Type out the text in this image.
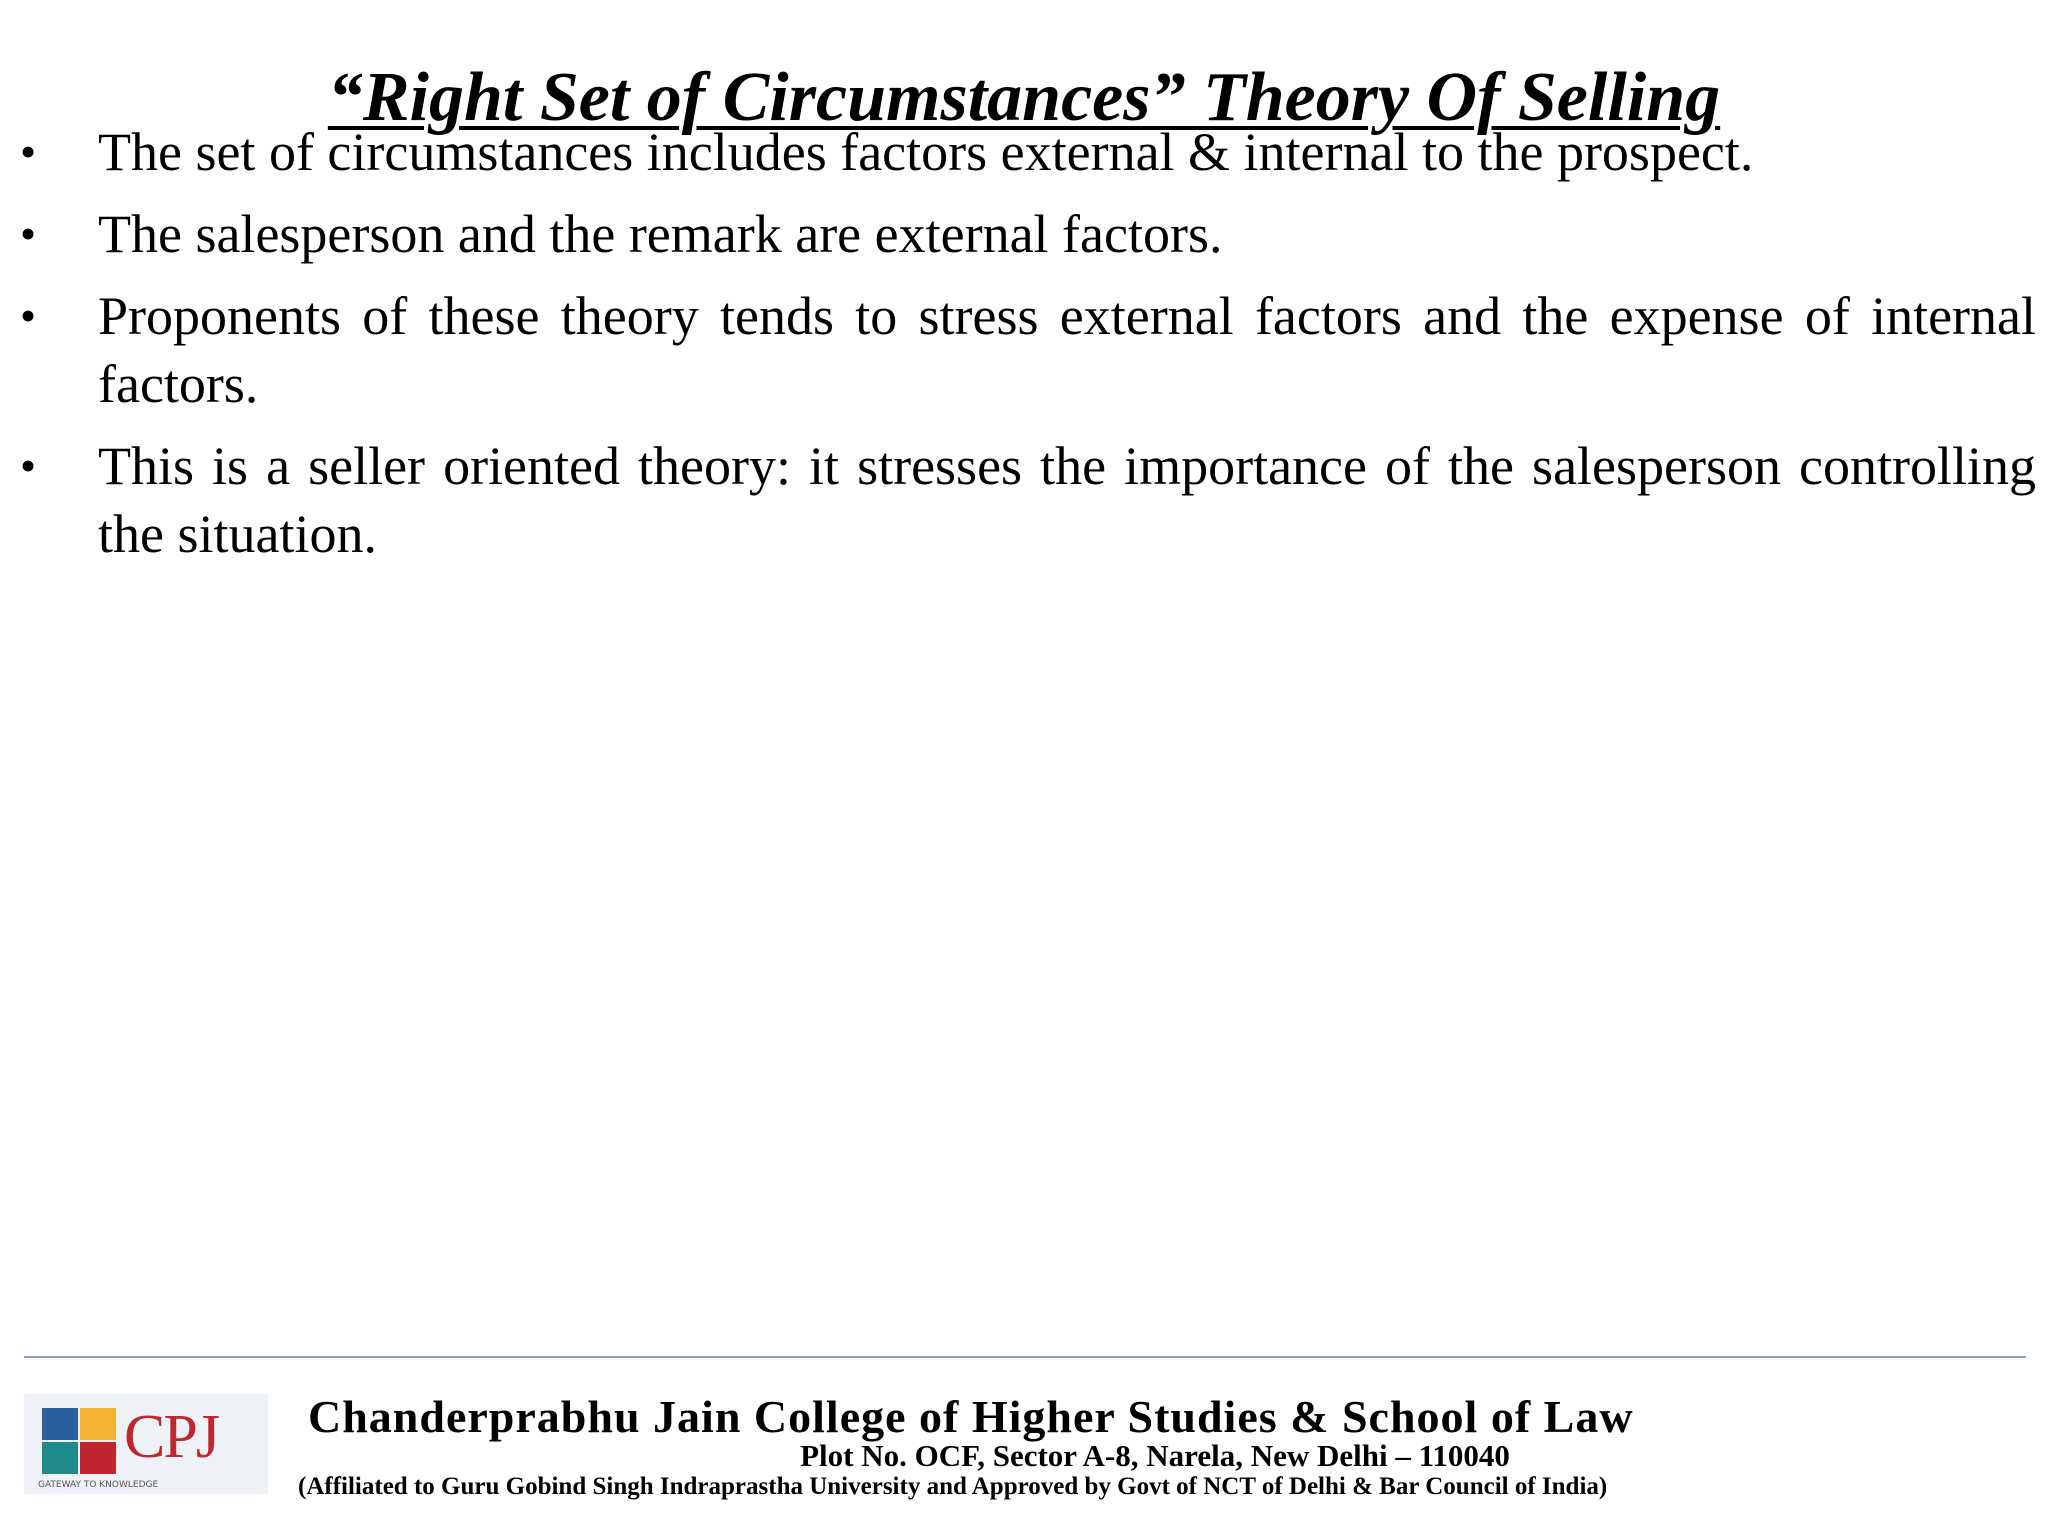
“Right Set of Circumstances” Theory Of Selling
•	The set of circumstances includes factors external & internal to the prospect.
•	The salesperson and the remark are external factors.
•	Proponents of these theory tends to stress external factors and the expense of internal factors.
•	This is a seller oriented theory: it stresses the importance of the salesperson controlling the situation.
CPJ
GATEWAY TO KNOWLEDGE
Chanderprabhu Jain College of Higher Studies & School of Law
Plot No. OCF, Sector A-8, Narela, New Delhi – 110040
(Affiliated to Guru Gobind Singh Indraprastha University and Approved by Govt of NCT of Delhi & Bar Council of India)
